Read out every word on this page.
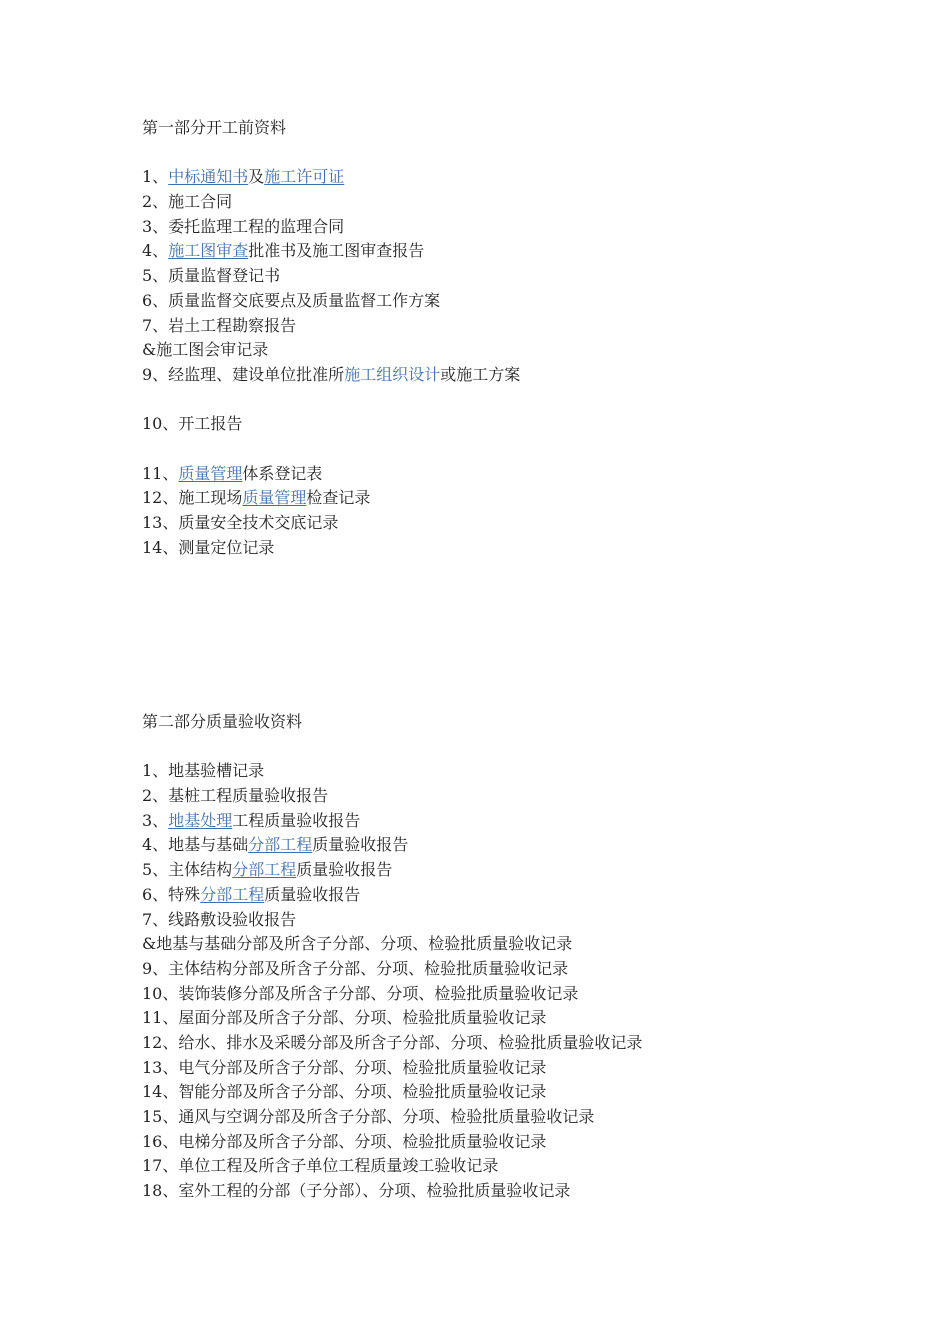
第一部分开工前资料
1、中标通知书及施工许可证
2、施工合同
3、委托监理工程的监理合同
4、施工图审查批准书及施工图审查报告
5、质量监督登记书
6、质量监督交底要点及质量监督工作方案
7、岩土工程勘察报告
&施工图会审记录
9、经监理、建设单位批准所施工组织设计或施工方案
10、开工报告
11、质量管理体系登记表
12、施工现场质量管理检查记录
13、质量安全技术交底记录
14、测量定位记录
第二部分质量验收资料
1、地基验槽记录
2、基桩工程质量验收报告
3、地基处理工程质量验收报告
4、地基与基础分部工程质量验收报告
5、主体结构分部工程质量验收报告
6、特殊分部工程质量验收报告
7、线路敷设验收报告
&地基与基础分部及所含子分部、分项、检验批质量验收记录
9、主体结构分部及所含子分部、分项、检验批质量验收记录
10、装饰装修分部及所含子分部、分项、检验批质量验收记录
11、屋面分部及所含子分部、分项、检验批质量验收记录
12、给水、排水及采暖分部及所含子分部、分项、检验批质量验收记录
13、电气分部及所含子分部、分项、检验批质量验收记录
14、智能分部及所含子分部、分项、检验批质量验收记录
15、通风与空调分部及所含子分部、分项、检验批质量验收记录
16、电梯分部及所含子分部、分项、检验批质量验收记录
17、单位工程及所含子单位工程质量竣工验收记录
18、室外工程的分部（子分部）、分项、检验批质量验收记录
